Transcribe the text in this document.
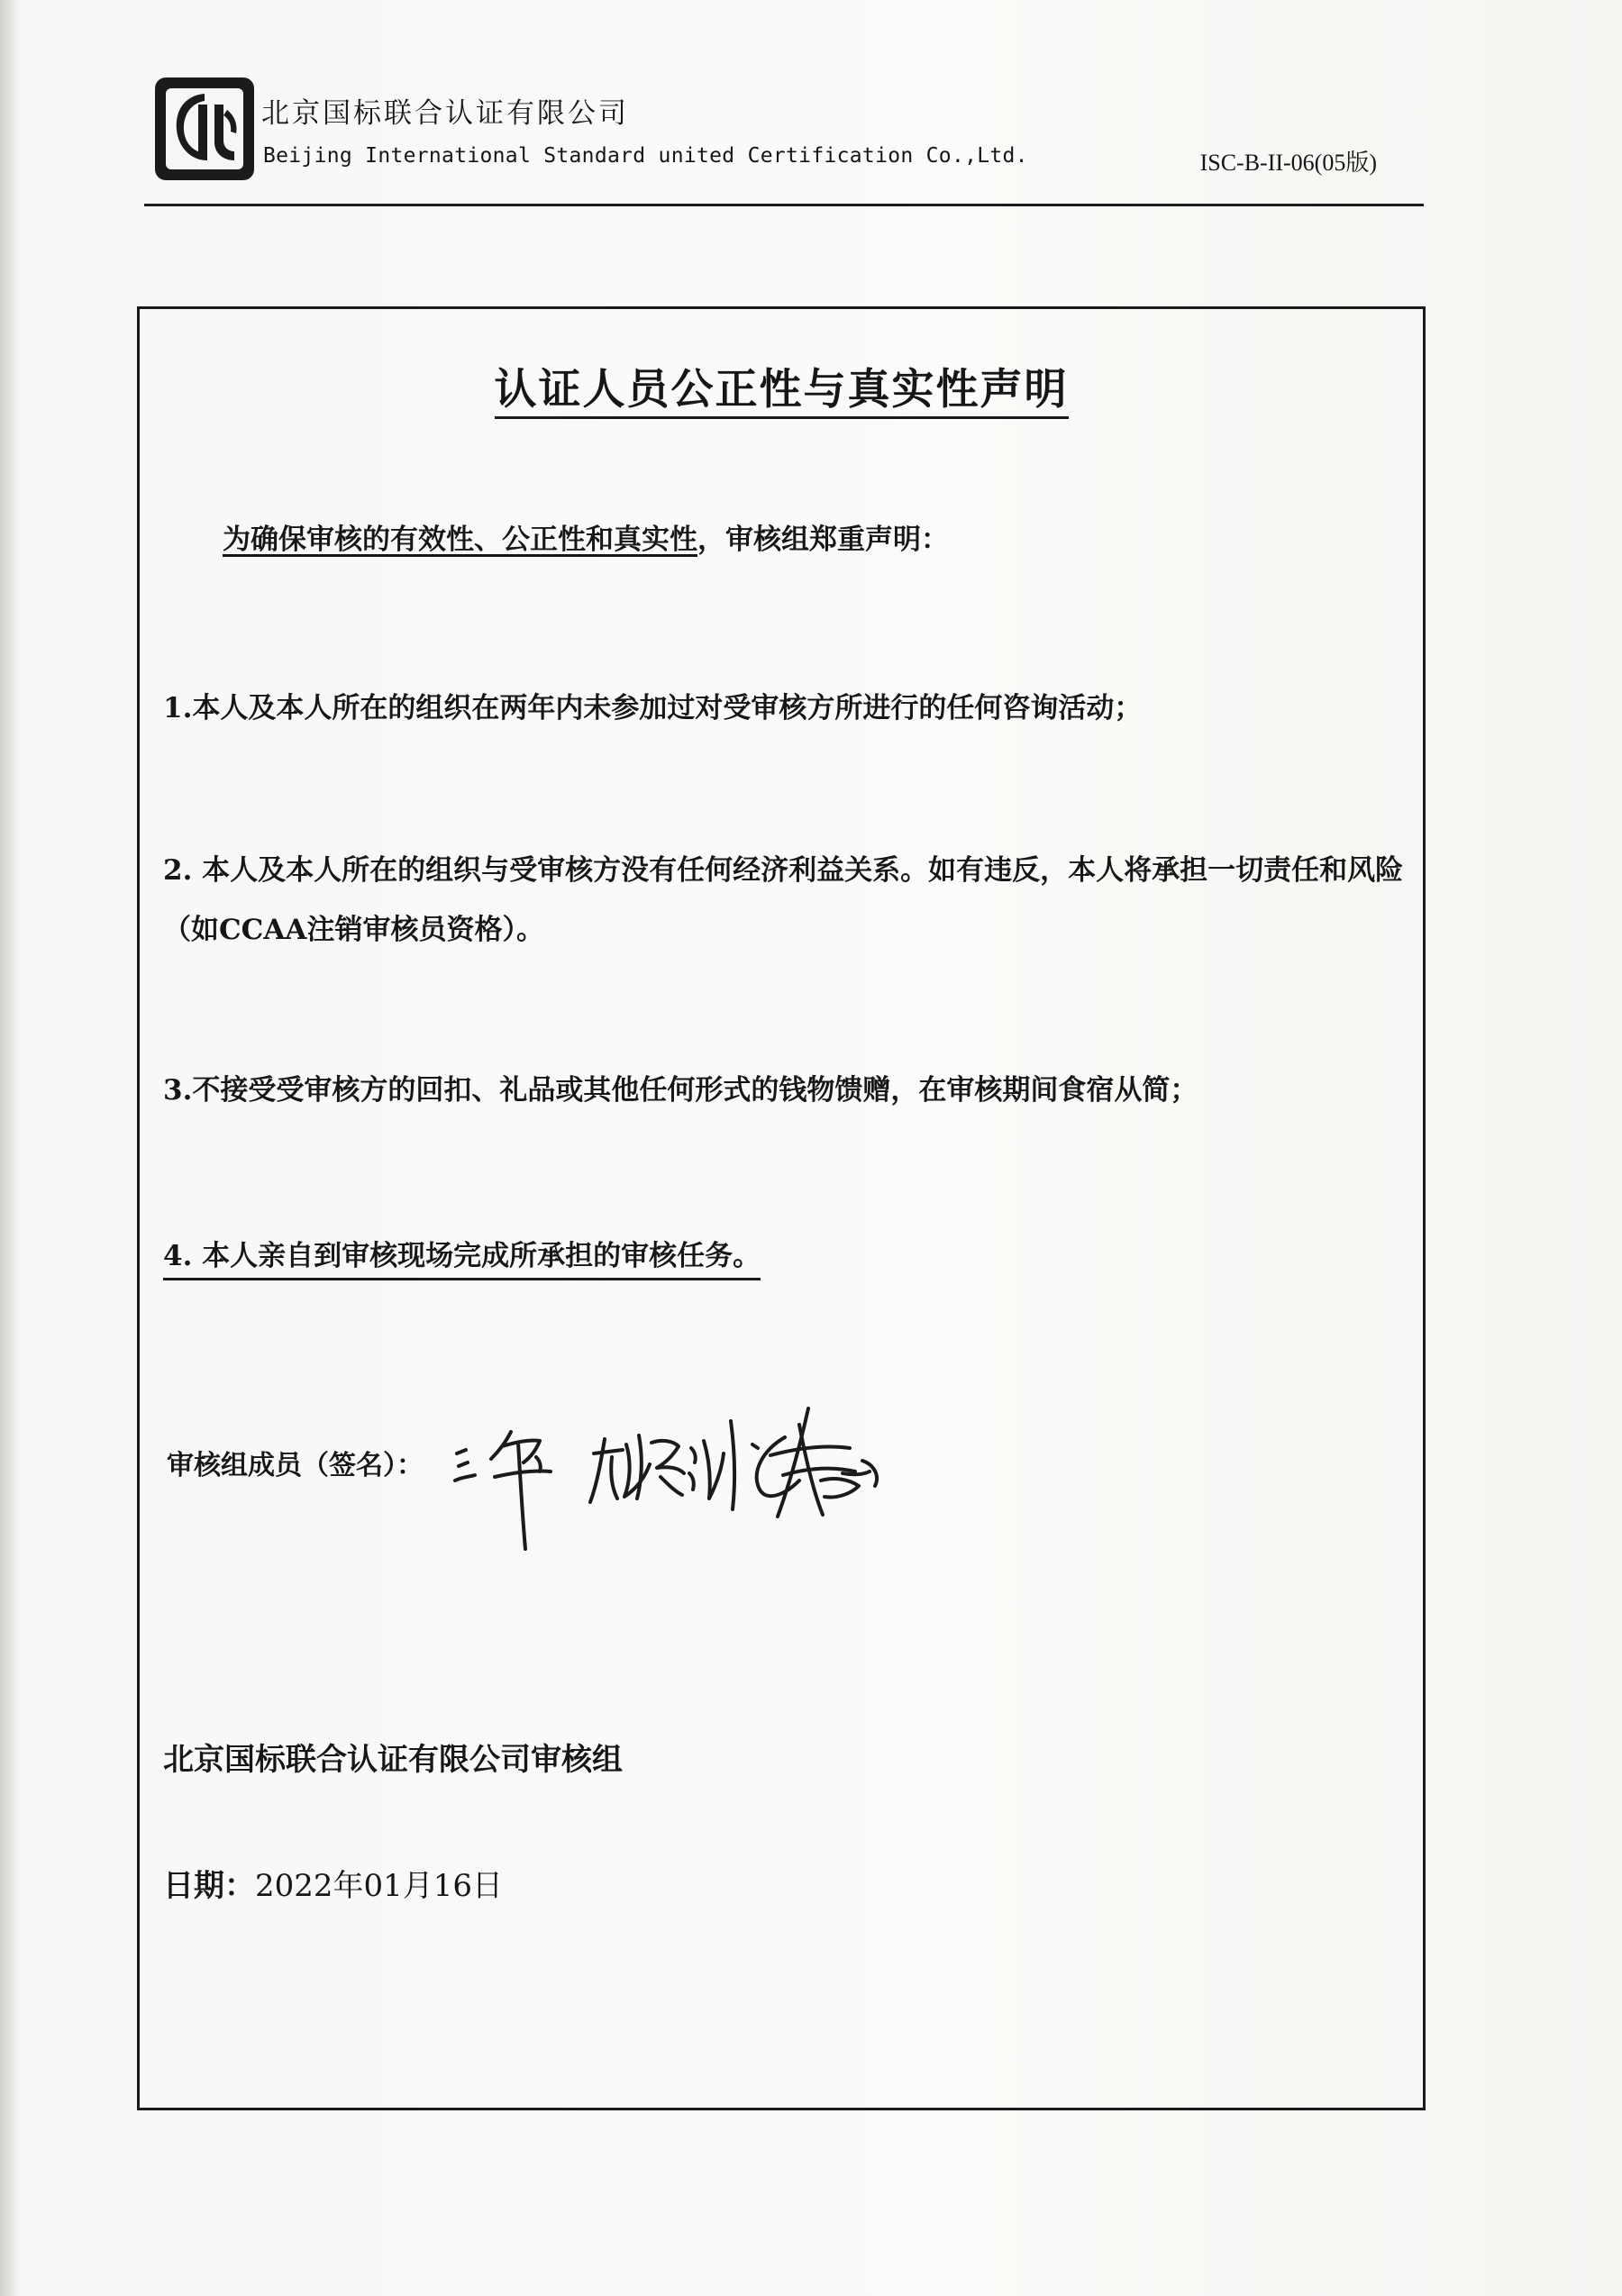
北京国标联合认证有限公司
Beijing International Standard united Certification Co.,Ltd.	ISC-B-II-06(05版)
认证人员公正性与真实性声明
为确保审核的有效性、公正性和真实性，审核组郑重声明：
1.本人及本人所在的组织在两年内未参加过对受审核方所进行的任何咨询活动；
2. 本人及本人所在的组织与受审核方没有任何经济利益关系。如有违反，本人将承担一切责任和风险（如CCAA注销审核员资格）。
3.不接受受审核方的回扣、礼品或其他任何形式的钱物馈赠，在审核期间食宿从简；
4. 本人亲自到审核现场完成所承担的审核任务。
审核组成员（签名）：
北京国标联合认证有限公司审核组
日期：2022年01月16日
